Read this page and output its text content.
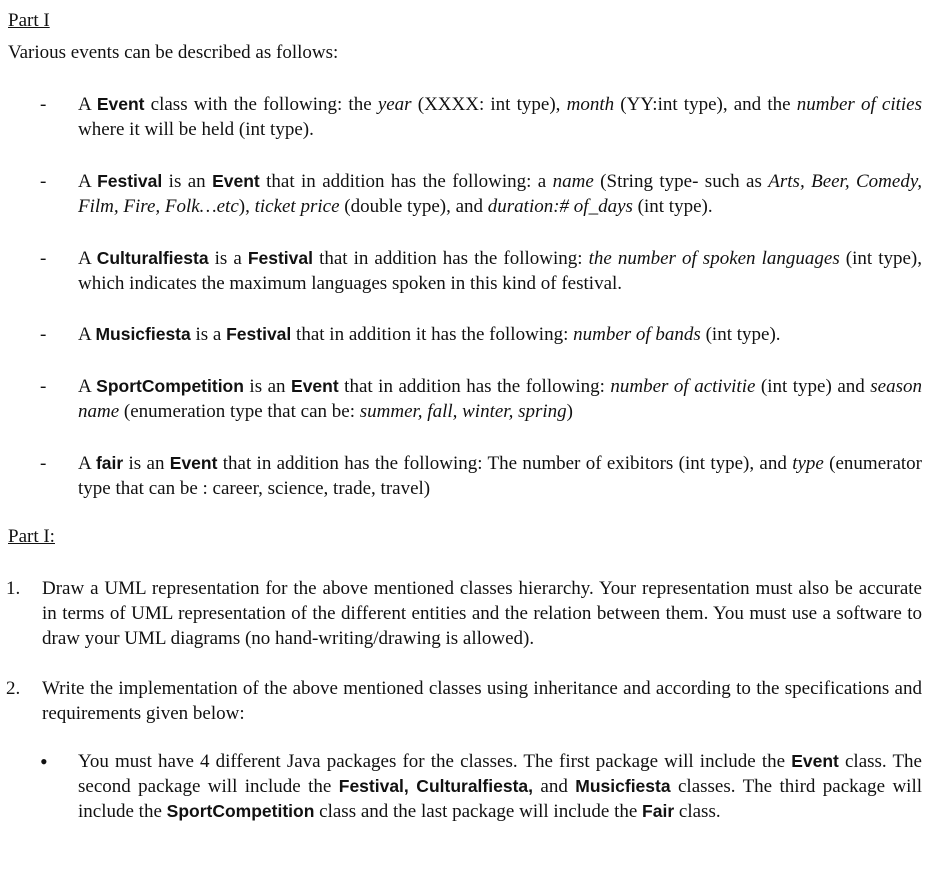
Part I

Various events can be described as follows:

-	A Event class with the following: the year (XXXX: int type), month (YY:int type), and the number of cities where it will be held (int type).

-	A Festival is an Event that in addition has the following: a name (String type- such as Arts, Beer, Comedy, Film, Fire, Folk…etc), ticket price (double type), and duration:# of_days (int type).

-	A Culturalfiesta is a Festival that in addition has the following: the number of spoken languages (int type), which indicates the maximum languages spoken in this kind of festival.

-	A Musicfiesta is a Festival that in addition it has the following: number of bands (int type).

-	A SportCompetition is an Event that in addition has the following: number of activitie (int type) and season name (enumeration type that can be: summer, fall, winter, spring)

-	A fair is an Event that in addition has the following: The number of exibitors (int type), and type (enumerator type that can be : career, science, trade, travel)

Part I:

1. Draw a UML representation for the above mentioned classes hierarchy. Your representation must also be accurate in terms of UML representation of the different entities and the relation between them. You must use a software to draw your UML diagrams (no hand-writing/drawing is allowed).

2. Write the implementation of the above mentioned classes using inheritance and according to the specifications and requirements given below:

• You must have 4 different Java packages for the classes. The first package will include the Event class. The second package will include the Festival, Culturalfiesta, and Musicfiesta classes. The third package will include the SportCompetition class and the last package will include the Fair class.
